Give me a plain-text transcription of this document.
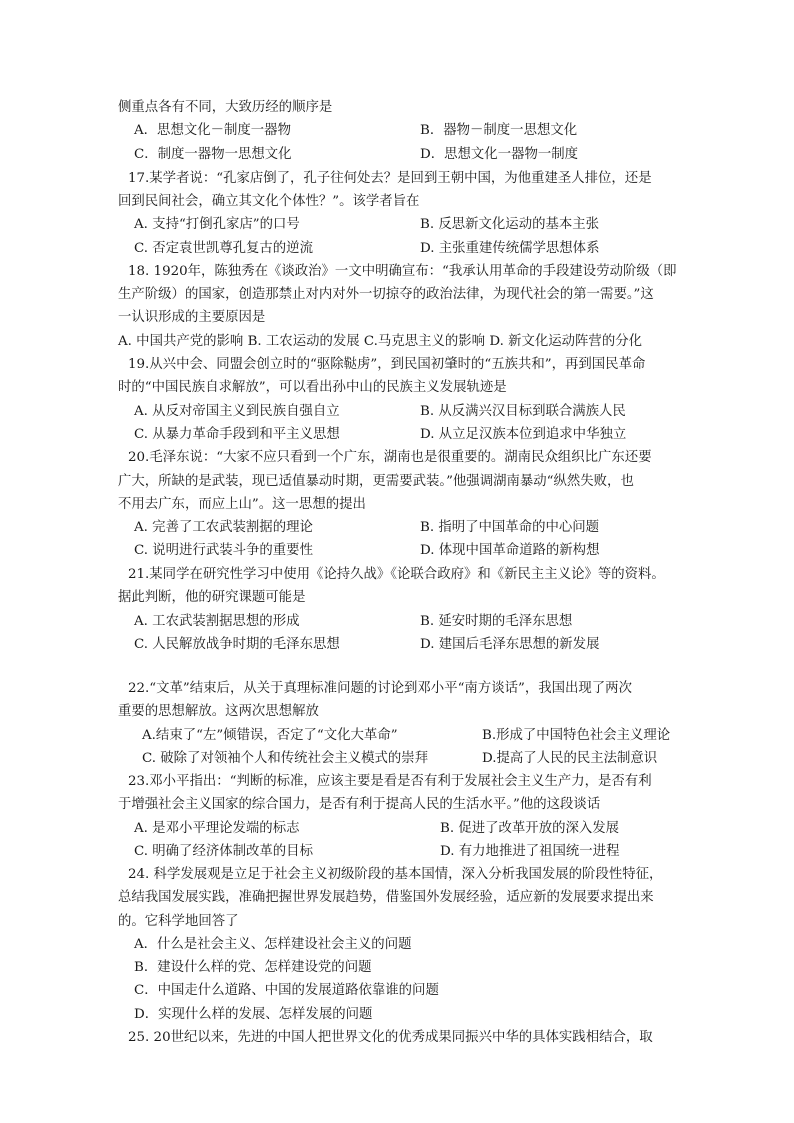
侧重点各有不同，大致历经的顺序是
A．思想文化－制度一器物	B．器物－制度一思想文化
C．制度一器物一思想文化	D．思想文化一器物一制度
17.某学者说：“孔家店倒了，孔子往何处去？是回到王朝中国，为他重建圣人排位，还是
回到民间社会，确立其文化个体性？”。该学者旨在
A. 支持“打倒孔家店”的口号	B. 反思新文化运动的基本主张
C. 否定袁世凯尊孔复古的逆流	D. 主张重建传统儒学思想体系
18. 1920年，陈独秀在《谈政治》一文中明确宣布：“我承认用革命的手段建设劳动阶级（即
生产阶级）的国家，创造那禁止对内对外一切掠夺的政治法律，为现代社会的第一需要。”这
一认识形成的主要原因是
A. 中国共产党的影响 B. 工农运动的发展 C.马克思主义的影响 D. 新文化运动阵营的分化
19.从兴中会、同盟会创立时的“驱除鞑虏”，到民国初肇时的“五族共和”，再到国民革命
时的“中国民族自求解放”，可以看出孙中山的民族主义发展轨迹是
A. 从反对帝国主义到民族自强自立	B. 从反满兴汉目标到联合满族人民
C. 从暴力革命手段到和平主义思想	D. 从立足汉族本位到追求中华独立
20.毛泽东说：“大家不应只看到一个广东，湖南也是很重要的。湖南民众组织比广东还要
广大，所缺的是武装，现已适值暴动时期，更需要武装。”他强调湖南暴动“纵然失败，也
不用去广东，而应上山”。这一思想的提出
A. 完善了工农武装割据的理论	B. 指明了中国革命的中心问题
C. 说明进行武装斗争的重要性	D. 体现中国革命道路的新构想
21.某同学在研究性学习中使用《论持久战》《论联合政府》和《新民主主义论》等的资料。
据此判断，他的研究课题可能是
A. 工农武装割据思想的形成	B. 延安时期的毛泽东思想
C. 人民解放战争时期的毛泽东思想	D. 建国后毛泽东思想的新发展
22.“文革”结束后，从关于真理标准问题的讨论到邓小平“南方谈话”，我国出现了两次
重要的思想解放。这两次思想解放
A.结束了“左”倾错误，否定了“文化大革命”	B.形成了中国特色社会主义理论
C. 破除了对领袖个人和传统社会主义模式的崇拜	D.提高了人民的民主法制意识
23.邓小平指出：“判断的标准，应该主要是看是否有利于发展社会主义生产力，是否有利
于增强社会主义国家的综合国力，是否有利于提高人民的生活水平。”他的这段谈话
A. 是邓小平理论发端的标志	B. 促进了改革开放的深入发展
C. 明确了经济体制改革的目标	D. 有力地推进了祖国统一进程
24. 科学发展观是立足于社会主义初级阶段的基本国情，深入分析我国发展的阶段性特征，
总结我国发展实践，准确把握世界发展趋势，借鉴国外发展经验，适应新的发展要求提出来
的。它科学地回答了
A．什么是社会主义、怎样建设社会主义的问题
B．建设什么样的党、怎样建设党的问题
C．中国走什么道路、中国的发展道路依靠谁的问题
D．实现什么样的发展、怎样发展的问题
25. 20世纪以来，先进的中国人把世界文化的优秀成果同振兴中华的具体实践相结合，取
